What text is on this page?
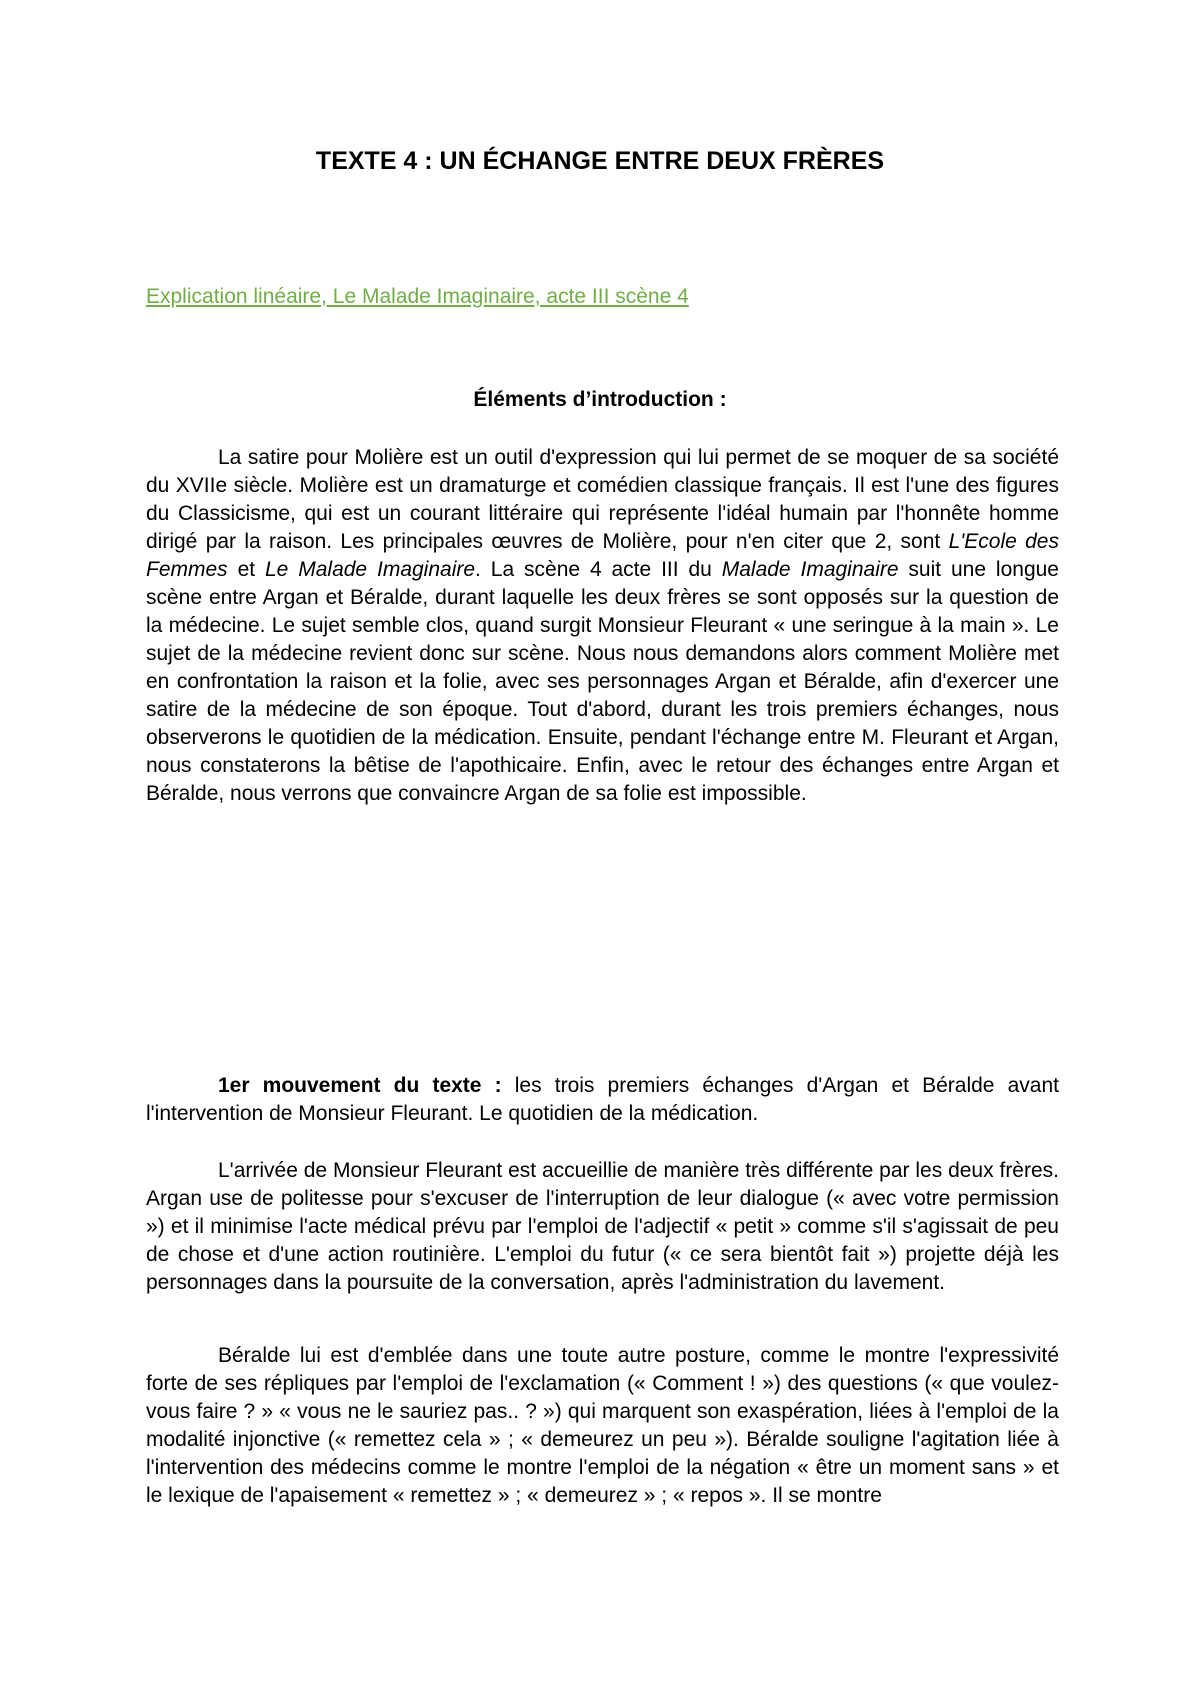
TEXTE 4 : UN ÉCHANGE ENTRE DEUX FRÈRES
Explication linéaire, Le Malade Imaginaire, acte III scène 4
Éléments d’introduction :

La satire pour Molière est un outil d'expression qui lui permet de se moquer de sa société du XVIIe siècle. Molière est un dramaturge et comédien classique français. Il est l'une des figures du Classicisme, qui est un courant littéraire qui représente l'idéal humain par l'honnête homme dirigé par la raison. Les principales œuvres de Molière, pour n'en citer que 2, sont L'Ecole des Femmes et Le Malade Imaginaire. La scène 4 acte III du Malade Imaginaire suit une longue scène entre Argan et Béralde, durant laquelle les deux frères se sont opposés sur la question de la médecine. Le sujet semble clos, quand surgit Monsieur Fleurant « une seringue à la main ». Le sujet de la médecine revient donc sur scène. Nous nous demandons alors comment Molière met en confrontation la raison et la folie, avec ses personnages Argan et Béralde, afin d'exercer une satire de la médecine de son époque. Tout d'abord, durant les trois premiers échanges, nous observerons le quotidien de la médication. Ensuite, pendant l'échange entre M. Fleurant et Argan, nous constaterons la bêtise de l'apothicaire. Enfin, avec le retour des échanges entre Argan et Béralde, nous verrons que convaincre Argan de sa folie est impossible.

1er mouvement du texte : les trois premiers échanges d'Argan et Béralde avant l'intervention de Monsieur Fleurant. Le quotidien de la médication.

L'arrivée de Monsieur Fleurant est accueillie de manière très différente par les deux frères. Argan use de politesse pour s'excuser de l'interruption de leur dialogue (« avec votre permission ») et il minimise l'acte médical prévu par l'emploi de l'adjectif « petit » comme s'il s'agissait de peu de chose et d'une action routinière. L'emploi du futur (« ce sera bientôt fait ») projette déjà les personnages dans la poursuite de la conversation, après l'administration du lavement.

Béralde lui est d'emblée dans une toute autre posture, comme le montre l'expressivité forte de ses répliques par l'emploi de l'exclamation (« Comment ! ») des questions (« que voulez-vous faire ? » « vous ne le sauriez pas.. ? ») qui marquent son exaspération, liées à l'emploi de la modalité injonctive (« remettez cela » ; « demeurez un peu »). Béralde souligne l'agitation liée à l'intervention des médecins comme le montre l'emploi de la négation « être un moment sans » et le lexique de l'apaisement « remettez » ; « demeurez » ; « repos ». Il se montre
